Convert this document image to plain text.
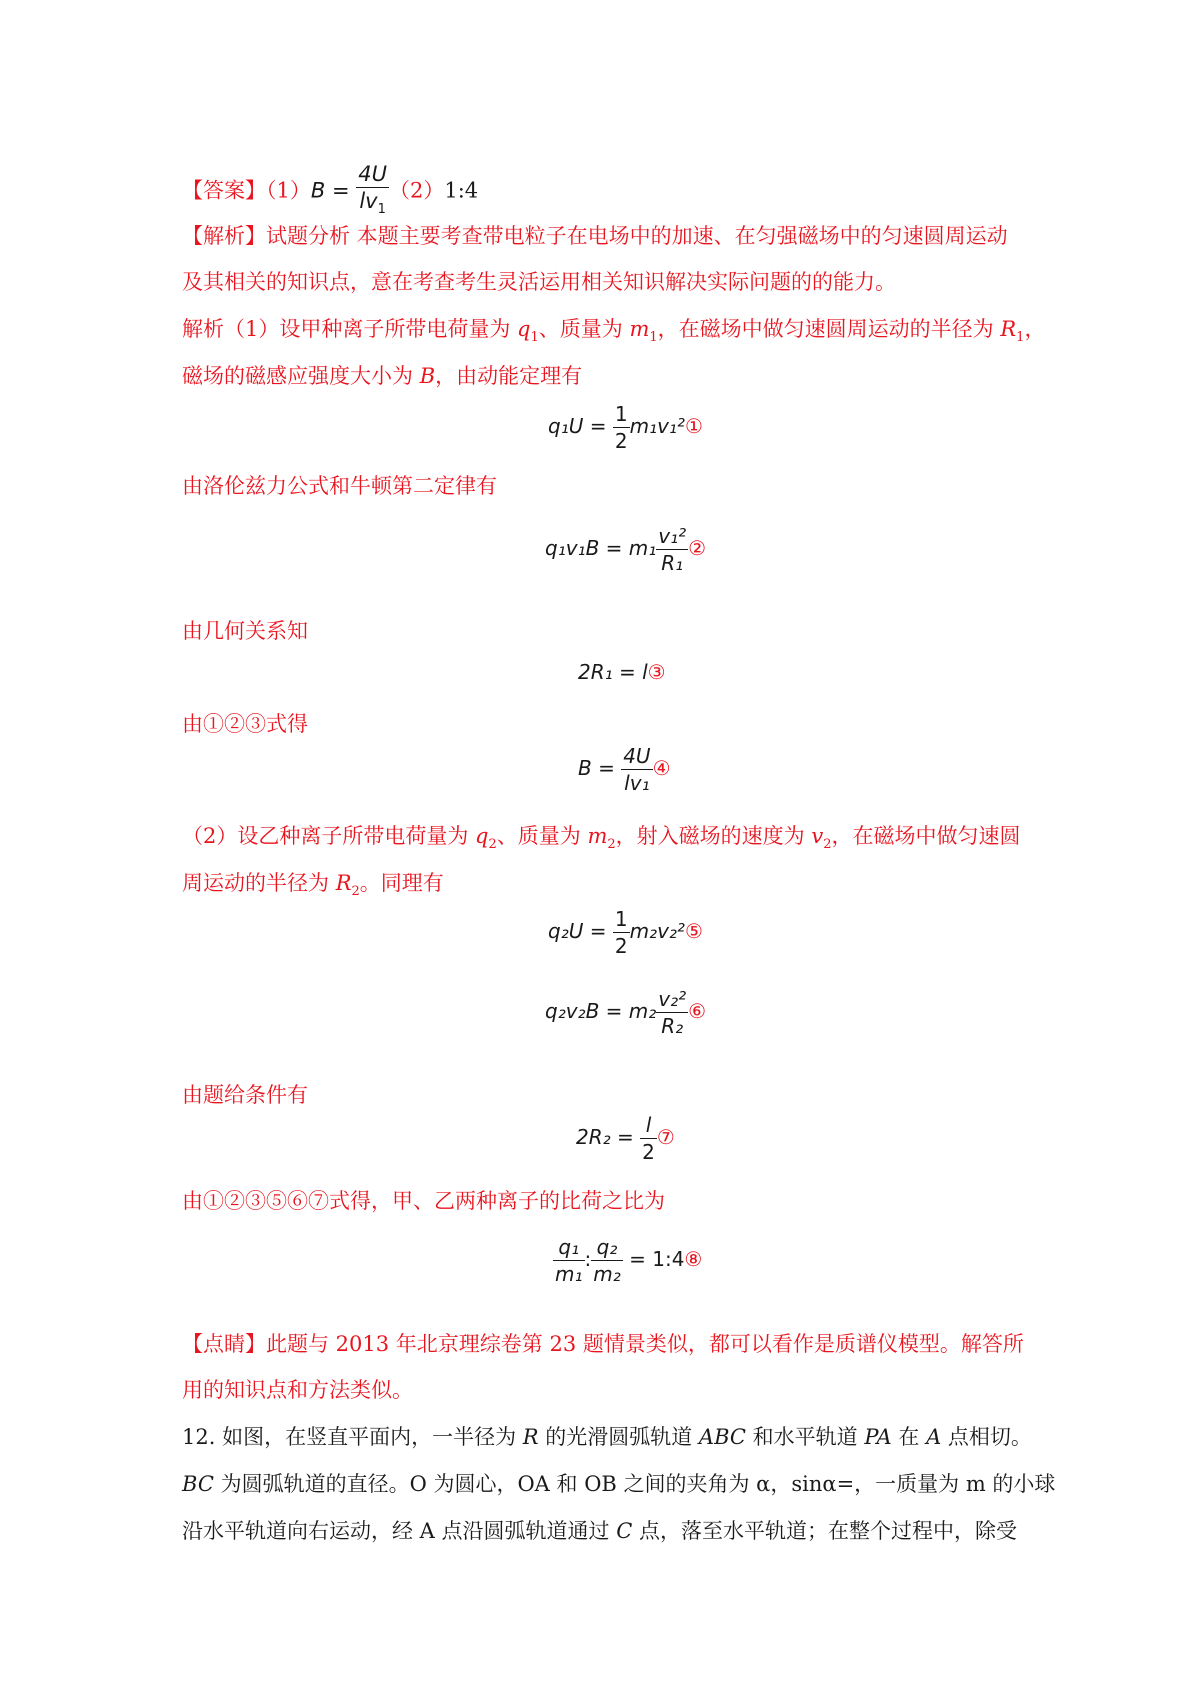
【答案】$(1)B = \frac{4U}{lv_1}$ （2）1:4
【解析】试题分析 本题主要考查带电粒子在电场中的加速、在匀强磁场中的匀速圆周运动
及其相关的知识点，意在考查考生灵活运用相关知识解决实际问题的的能力。
解析（1）设甲种离子所带电荷量为 $q_1$、质量为 $m_1$，在磁场中做匀速圆周运动的半径为 $R_1$，
磁场的磁感应强度大小为 B，由动能定理有
$q_1U = \frac{1}{2}$ m₁v₁²①
由洛伦兹力公式和牛顿第二定律有
$q_1v_1B = m_1 \frac{\text{v₁²}}{\text{R₁}}$ ②
由几何关系知
2R₁ = l③
由①②③式得
$B = \frac{4U}{\text{lv₁}}$ ④
（2）设乙种离子所带电荷量为 $q_2$、质量为 $m_2$，射入磁场的速度为 $v_2$，在磁场中做匀速圆
周运动的半径为 $R_2$。同理有
$q_2U = \frac{1}{2}$ m₂v₂²⑤
$q_2v_2B = m_2 \frac{\text{v₂²}}{\text{R₂}}$ ⑥
由题给条件有
$2R_2 = \frac{l}{2}$ ⑦
由①②③⑤⑥⑦式得，甲、乙两种离子的比荷之比为
$\frac{\text{q₁}}{\text{m₁}}$ : $\frac{\text{q₂}}{\text{m₂}}$ = 1:4⑧
【点睛】此题与 2013 年北京理综卷第 23 题情景类似，都可以看作是质谱仪模型。解答所
用的知识点和方法类似。
12. 如图，在竖直平面内，一半径为 R 的光滑圆弧轨道 ABC 和水平轨道 PA 在 A 点相切。
BC 为圆弧轨道的直径。O 为圆心，OA 和 OB 之间的夹角为 α，sinα=，一质量为 m 的小球
沿水平轨道向右运动，经 A 点沿圆弧轨道通过 C 点，落至水平轨道；在整个过程中，除受
